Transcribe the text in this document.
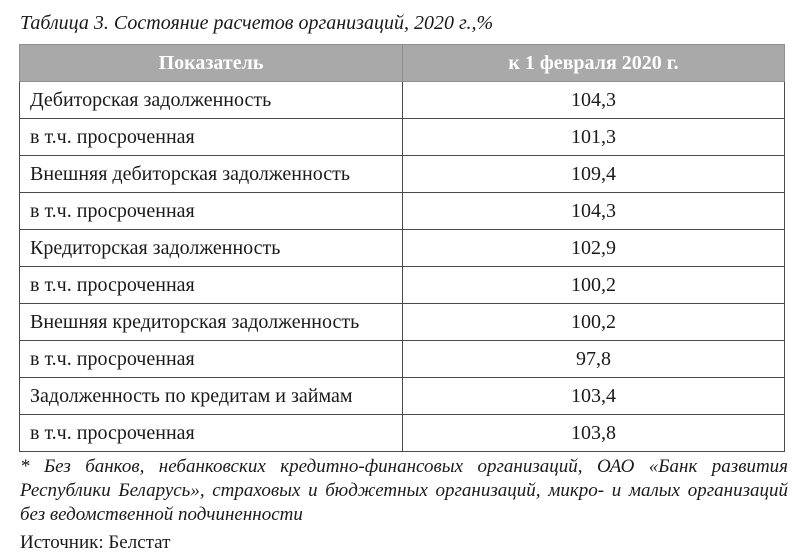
Таблица 3. Состояние расчетов организаций, 2020 г.,%
Показатель	к 1 февраля 2020 г.
Дебиторская задолженность	104,3
в т.ч. просроченная	101,3
Внешняя дебиторская задолженность	109,4
в т.ч. просроченная	104,3
Кредиторская задолженность	102,9
в т.ч. просроченная	100,2
Внешняя кредиторская задолженность	100,2
в т.ч. просроченная	97,8
Задолженность по кредитам и займам	103,4
в т.ч. просроченная	103,8
* Без банков, небанковских кредитно-финансовых организаций, ОАО «Банк развития Республики Беларусь», страховых и бюджетных организаций, микро- и малых организаций без ведомственной подчиненности
Источник: Белстат
